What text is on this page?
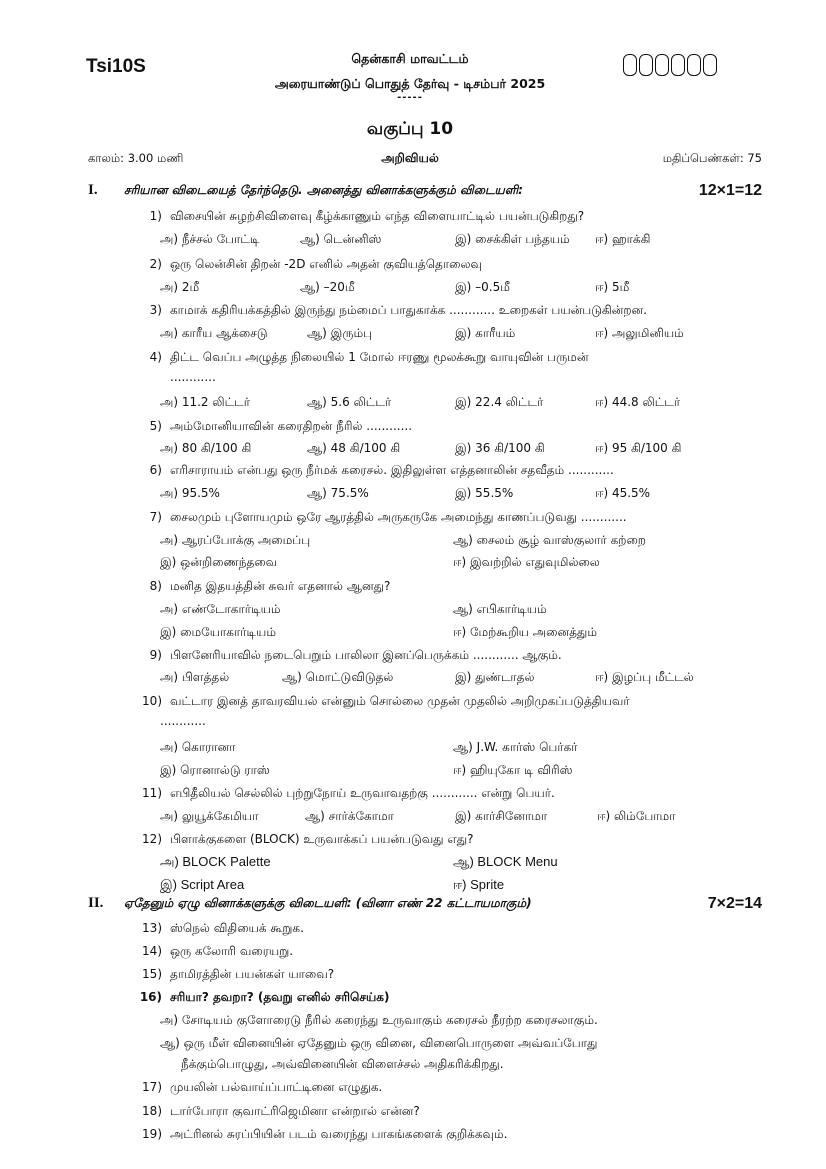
Tsi10S	தென்காசி மாவட்டம்
அரையாண்டுப் பொதுத் தேர்வு - டிசம்பர் 2025
-----
வகுப்பு 10
காலம்: 3.00 மணி	அறிவியல்	மதிப்பெண்கள்: 75
I. சரியான விடையைத் தேர்ந்தெடு. அனைத்து வினாக்களுக்கும் விடையளி:	12×1=12
1) விசையின் சுழற்சிவிளைவு கீழ்க்காணும் எந்த விளையாட்டில் பயன்படுகிறது?
அ) நீச்சல் போட்டி	ஆ) டென்னிஸ்	இ) சைக்கிள் பந்தயம் ஈ) ஹாக்கி
2) ஒரு லென்சின் திறன் -2D எனில் அதன் குவியத்தொலைவு
அ) 2மீ	ஆ) –20மீ	இ) –0.5மீ	ஈ) 5மீ
3) காமாக் கதிரியக்கத்தில் இருந்து நம்மைப் பாதுகாக்க ............ உறைகள் பயன்படுகின்றன.
அ) காரீய ஆக்சைடு	ஆ) இரும்பு	இ) காரீயம்	ஈ) அலுமினியம்
4) திட்ட வெப்ப அழுத்த நிலையில் 1 மோல் ஈரணு மூலக்கூறு வாயுவின் பருமன்
............
அ) 11.2 லிட்டர்	ஆ) 5.6 லிட்டர்	இ) 22.4 லிட்டர்	ஈ) 44.8 லிட்டர்
5) அம்மோனியாவின் கரைதிறன் நீரில் ............
அ) 80 கி/100 கி	ஆ) 48 கி/100 கி	இ) 36 கி/100 கி	ஈ) 95 கி/100 கி
6) எரிசாராயம் என்பது ஒரு நீர்மக் கரைசல். இதிலுள்ள எத்தனாலின் சதவீதம் ............
அ) 95.5%	ஆ) 75.5%	இ) 55.5%	ஈ) 45.5%
7) சைலமும் புளோயமும் ஒரே ஆரத்தில் அருகருகே அமைந்து காணப்படுவது ............
அ) ஆரப்போக்கு அமைப்பு	ஆ) சைலம் சூழ் வாஸ்குலார் கற்றை
இ) ஒன்றிணைந்தவை	ஈ) இவற்றில் எதுவுமில்லை
8) மனித இதயத்தின் சுவர் எதனால் ஆனது?
அ) எண்டோகார்டியம்	ஆ) எபிகார்டியம்
இ) மையோகார்டியம்	ஈ) மேற்கூறிய அனைத்தும்
9) பிளனேரியாவில் நடைபெறும் பாலிலா இனப்பெருக்கம் ............ ஆகும்.
அ) பிளத்தல்	ஆ) மொட்டுவிடுதல்	இ) துண்டாதல்	ஈ) இழப்பு மீட்டல்
10) வட்டார இனத் தாவரவியல் என்னும் சொல்லை முதன் முதலில் அறிமுகப்படுத்தியவர்
............
அ) கொரானா	ஆ) J.W. கார்ஸ் பெர்கர்
இ) ரொனால்டு ராஸ்	ஈ) ஹியுகோ டி விரிஸ்
11) எபிதீலியல் செல்லில் புற்றுநோய் உருவாவதற்கு ............ என்று பெயர்.
அ) லுயூக்கேமியா	ஆ) சார்க்கோமா	இ) கார்சினோமா	ஈ) லிம்போமா
12) பிளாக்குகளை (BLOCK) உருவாக்கப் பயன்படுவது எது?
அ) BLOCK Palette	ஆ) BLOCK Menu
இ) Script Area	ஈ) Sprite
II. ஏதேனும் ஏழு வினாக்களுக்கு விடையளி: (வினா எண் 22 கட்டாயமாகும்)	7×2=14
13) ஸ்நெல் விதியைக் கூறுக.
14) ஒரு கலோரி வரையறு.
15) தாமிரத்தின் பயன்கள் யாவை?
16) சரியா? தவறா? (தவறு எனில் சரிசெய்க)
அ) சோடியம் குளோரைடு நீரில் கரைந்து உருவாகும் கரைசல் நீரற்ற கரைசலாகும்.
ஆ) ஒரு மீள் வினையின் ஏதேனும் ஒரு வினை, வினைபொருளை அவ்வப்போது
நீக்கும்பொழுது, அவ்வினையின் விளைச்சல் அதிகரிக்கிறது.
17) முயலின் பல்வாய்ப்பாட்டினை எழுதுக.
18) டார்போரா குவாட்ரிஜெமினா என்றால் என்ன?
19) அட்ரினல் சுரப்பியின் படம் வரைந்து பாகங்களைக் குறிக்கவும்.
